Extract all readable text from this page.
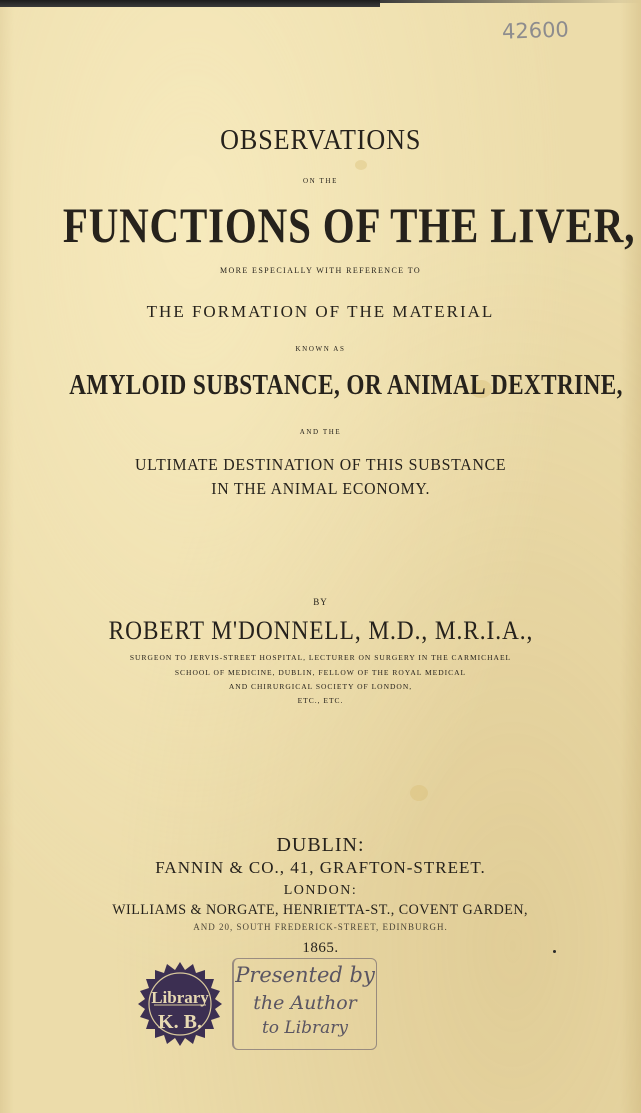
42600
OBSERVATIONS
ON THE
FUNCTIONS OF THE LIVER,
MORE ESPECIALLY WITH REFERENCE TO
THE FORMATION OF THE MATERIAL
KNOWN AS
AMYLOID SUBSTANCE, OR ANIMAL DEXTRINE,
AND THE
ULTIMATE DESTINATION OF THIS SUBSTANCE
IN THE ANIMAL ECONOMY.
BY
ROBERT M'DONNELL, M.D., M.R.I.A.,
SURGEON TO JERVIS-STREET HOSPITAL, LECTURER ON SURGERY IN THE CARMICHAEL
SCHOOL OF MEDICINE, DUBLIN, FELLOW OF THE ROYAL MEDICAL
AND CHIRURGICAL SOCIETY OF LONDON,
ETC., ETC.
DUBLIN:
FANNIN & CO., 41, GRAFTON-STREET.
LONDON:
WILLIAMS & NORGATE, HENRIETTA-ST., COVENT GARDEN,
AND 20, SOUTH FREDERICK-STREET, EDINBURGH.
1865.
Library
K. B.
Presented by
the Author
to Library
